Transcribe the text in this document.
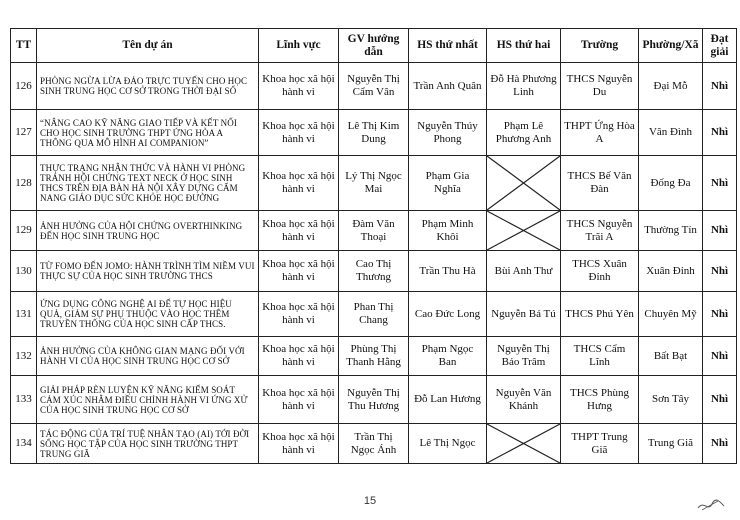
TT	Tên dự án	Lĩnh vực	GV hướng dẫn	HS thứ nhất	HS thứ hai	Trường	Phường/Xã	Đạt giải
126	PHÒNG NGỪA LỪA ĐẢO TRỰC TUYẾN CHO HỌC SINH TRUNG HỌC CƠ SỞ TRONG THỜI ĐẠI SỐ	Khoa học xã hội hành vi	Nguyễn Thị Cẩm Vân	Trần Anh Quân	Đỗ Hà Phương Linh	THCS Nguyễn Du	Đại Mỗ	Nhì
127	“NÂNG CAO KỸ NĂNG GIAO TIẾP VÀ KẾT NỐI CHO HỌC SINH TRƯỜNG THPT ỨNG HÒA A THÔNG QUA MÔ HÌNH AI COMPANION”	Khoa học xã hội hành vi	Lê Thị Kim Dung	Nguyễn Thúy Phong	Phạm Lê Phương Anh	THPT Ứng Hòa A	Vân Đình	Nhì
128	THỰC TRẠNG NHẬN THỨC VÀ HÀNH VI PHÒNG TRÁNH HỘI CHỨNG TEXT NECK Ở HỌC SINH THCS TRÊN ĐỊA BÀN HÀ NỘI XÂY DỰNG CẨM NANG GIÁO DỤC SỨC KHỎE HỌC ĐƯỜNG	Khoa học xã hội hành vi	Lý Thị Ngọc Mai	Phạm Gia Nghĩa		THCS Bế Văn Đàn	Đống Đa	Nhì
129	ẢNH HƯỞNG CỦA HỘI CHỨNG OVERTHINKING ĐẾN HỌC SINH TRUNG HỌC	Khoa học xã hội hành vi	Đàm Văn Thoại	Phạm Minh Khôi		THCS Nguyễn Trãi A	Thường Tín	Nhì
130	TỪ FOMO ĐẾN JOMO: HÀNH TRÌNH TÌM NIỀM VUI THỰC SỰ CỦA HỌC SINH TRƯỜNG THCS	Khoa học xã hội hành vi	Cao Thị Thương	Trần Thu Hà	Bùi Anh Thư	THCS Xuân Đỉnh	Xuân Đỉnh	Nhì
131	ỨNG DỤNG CÔNG NGHỆ AI ĐỂ TỰ HỌC HIỆU QUẢ, GIẢM SỰ PHỤ THUỘC VÀO HỌC THÊM TRUYỀN THỐNG CỦA HỌC SINH CẤP THCS.	Khoa học xã hội hành vi	Phan Thị Chang	Cao Đức Long	Nguyễn Bá Tú	THCS Phú Yên	Chuyên Mỹ	Nhì
132	ẢNH HƯỞNG CỦA KHÔNG GIAN MẠNG ĐỐI VỚI HÀNH VI CỦA HỌC SINH TRUNG HỌC CƠ SỞ	Khoa học xã hội hành vi	Phùng Thị Thanh Hằng	Phạm Ngọc Ban	Nguyễn Thị Bảo Trâm	THCS Cẩm Lĩnh	Bất Bạt	Nhì
133	GIẢI PHÁP RÈN LUYỆN KỸ NĂNG KIỂM SOÁT CẢM XÚC NHẰM ĐIỀU CHỈNH HÀNH VI ỨNG XỬ CỦA HỌC SINH TRUNG HỌC CƠ SỞ	Khoa học xã hội hành vi	Nguyễn Thị Thu Hương	Đỗ Lan Hương	Nguyễn Văn Khánh	THCS Phùng Hưng	Sơn Tây	Nhì
134	TÁC ĐỘNG CỦA TRÍ TUỆ NHÂN TẠO (AI) TỚI ĐỜI SỐNG HỌC TẬP CỦA HỌC SINH TRƯỜNG THPT TRUNG GIÃ	Khoa học xã hội hành vi	Trần Thị Ngọc Ánh	Lê Thị Ngọc		THPT Trung Giã	Trung Giã	Nhì
15
